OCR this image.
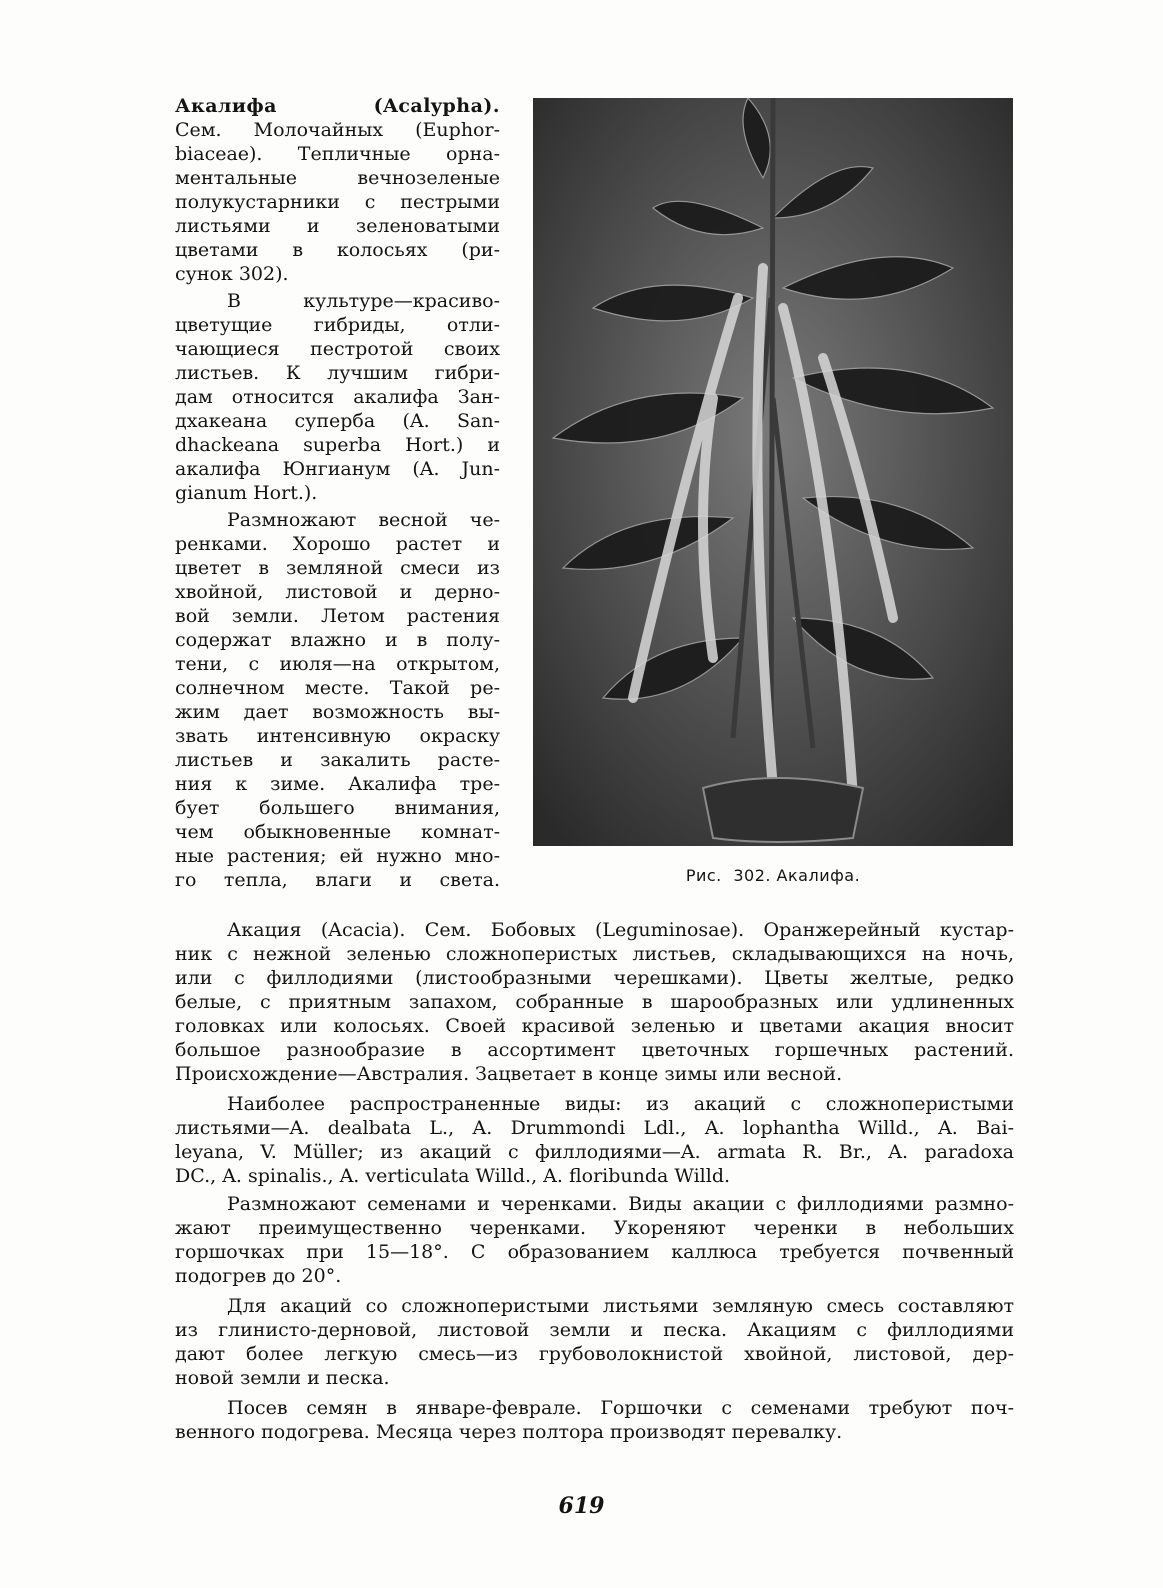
Акалифа (Acalypha).

Сем. Молочайных (Euphor-

biaceae). Тепличные орна-

ментальные вечнозеленые

полукустарники с пестрыми

листьями и зеленоватыми

цветами в колосьях (ри-

сунок 302).

В культуре—красиво-

цветущие гибриды, отли-

чающиеся пестротой своих

листьев. К лучшим гибри-

дам относится акалифа Зан-

дхакеана суперба (A. San-

dhackeana superba Hort.) и

акалифа Юнгианум (A. Jun-

gianum Hort.).

Размножают весной че-

ренками. Хорошо растет и

цветет в земляной смеси из

хвойной, листовой и дерно-

вой земли. Летом растения

содержат влажно и в полу-

тени, с июля—на открытом,

солнечном месте. Такой ре-

жим дает возможность вы-

звать интенсивную окраску

листьев и закалить расте-

ния к зиме. Акалифа тре-

бует большего внимания,

чем обыкновенные комнат-

ные растения; ей нужно мно-

го тепла, влаги и света.	Рис. 302. Акалифа.

Акация (Acacia). Сем. Бобовых (Leguminosae). Оранжерейный кустар-

ник с нежной зеленью сложноперистых листьев, складывающихся на ночь,

или с филлодиями (листообразными черешками). Цветы желтые, редко

белые, с приятным запахом, собранные в шарообразных или удлиненных

головках или колосьях. Своей красивой зеленью и цветами акация вносит

большое разнообразие в ассортимент цветочных горшечных растений.

Происхождение—Австралия. Зацветает в конце зимы или весной.

Наиболее распространенные виды: из акаций с сложноперистыми

листьями—A. dealbata L., A. Drummondi Ldl., A. lophantha Willd., A. Bai-

leyana, V. Müller; из акаций с филлодиями—A. armata R. Br., A. paradoxa

DC., A. spinalis., A. verticulata Willd., A. floribunda Willd.

Размножают семенами и черенками. Виды акации с филлодиями размно-

жают преимущественно черенками. Укореняют черенки в небольших

горшочках при 15—18°. С образованием каллюса требуется почвенный

подогрев до 20°.

Для акаций со сложноперистыми листьями земляную смесь составляют

из глинисто-дерновой, листовой земли и песка. Акациям с филлодиями

дают более легкую смесь—из грубоволокнистой хвойной, листовой, дер-

новой земли и песка.

Посев семян в январе-феврале. Горшочки с семенами требуют поч-

венного подогрева. Месяца через полтора производят перевалку.

619
